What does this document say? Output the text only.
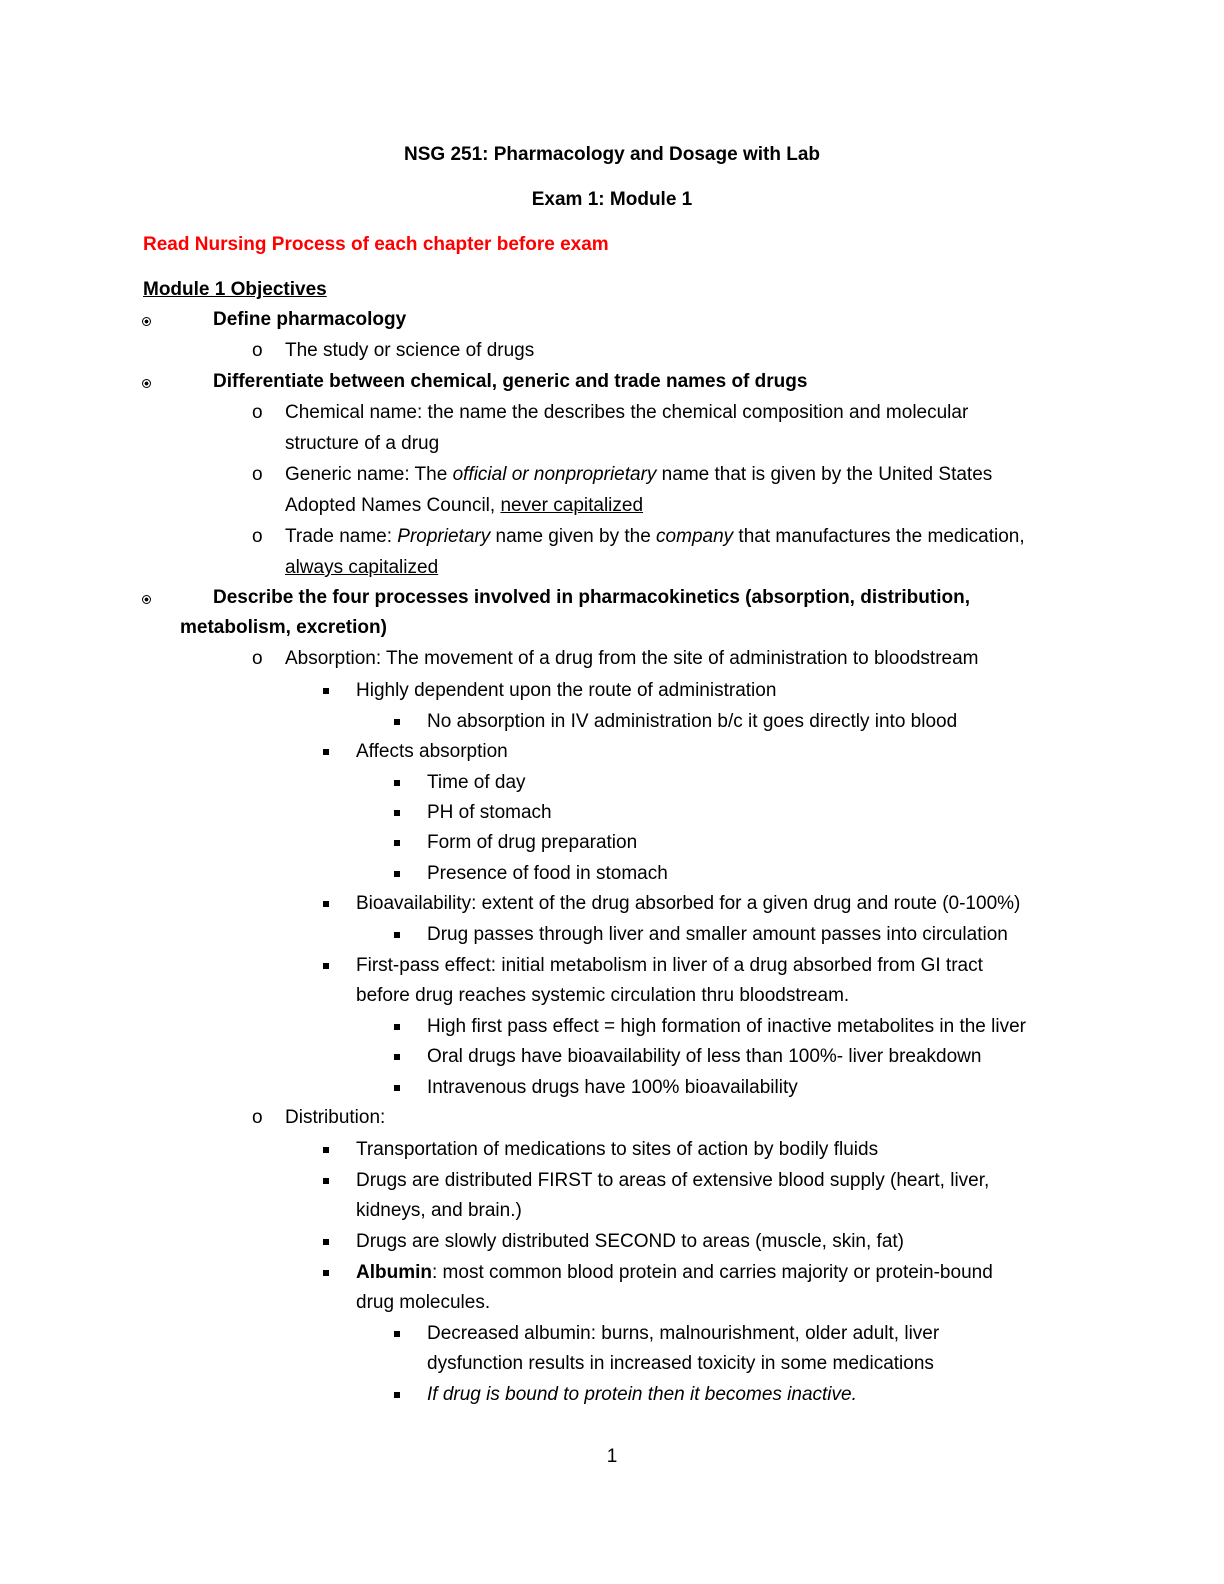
NSG 251: Pharmacology and Dosage with Lab
Exam 1: Module 1
Read Nursing Process of each chapter before exam
Module 1 Objectives
Define pharmacology
o The study or science of drugs
Differentiate between chemical, generic and trade names of drugs
o Chemical name: the name the describes the chemical composition and molecular
structure of a drug
o Generic name: The official or nonproprietary name that is given by the United States
Adopted Names Council, never capitalized
o Trade name: Proprietary name given by the company that manufactures the medication,
always capitalized
Describe the four processes involved in pharmacokinetics (absorption, distribution,
metabolism, excretion)
o Absorption: The movement of a drug from the site of administration to bloodstream
Highly dependent upon the route of administration
No absorption in IV administration b/c it goes directly into blood
Affects absorption
Time of day
PH of stomach
Form of drug preparation
Presence of food in stomach
Bioavailability: extent of the drug absorbed for a given drug and route (0-100%)
Drug passes through liver and smaller amount passes into circulation
First-pass effect: initial metabolism in liver of a drug absorbed from GI tract
before drug reaches systemic circulation thru bloodstream.
High first pass effect = high formation of inactive metabolites in the liver
Oral drugs have bioavailability of less than 100%- liver breakdown
Intravenous drugs have 100% bioavailability
o Distribution:
Transportation of medications to sites of action by bodily fluids
Drugs are distributed FIRST to areas of extensive blood supply (heart, liver,
kidneys, and brain.)
Drugs are slowly distributed SECOND to areas (muscle, skin, fat)
Albumin: most common blood protein and carries majority or protein-bound
drug molecules.
Decreased albumin: burns, malnourishment, older adult, liver
dysfunction results in increased toxicity in some medications
If drug is bound to protein then it becomes inactive.
1
